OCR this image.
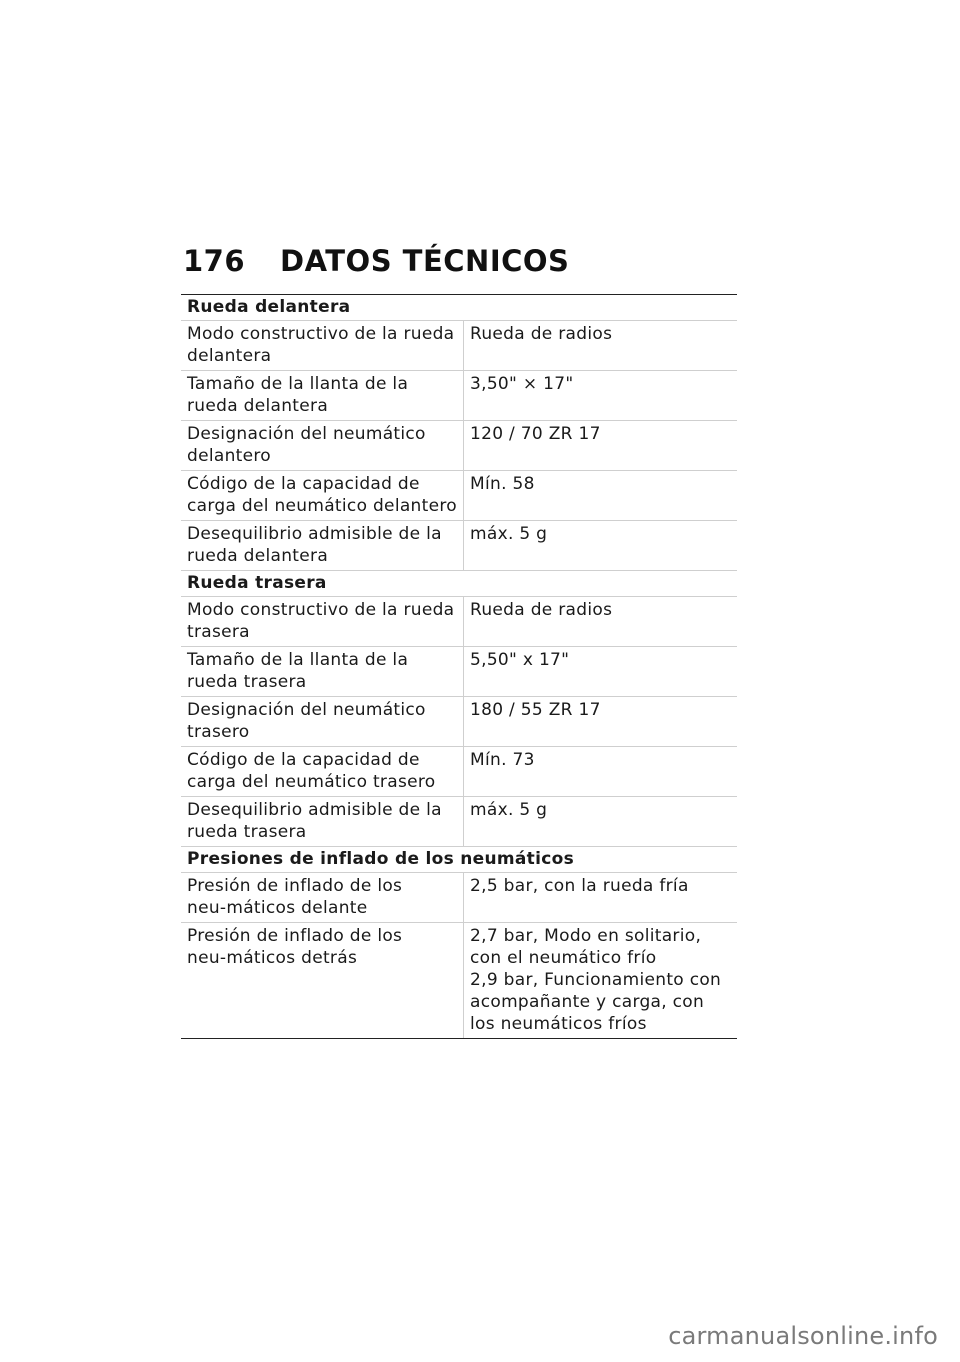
176	DATOS TÉCNICOS
Rueda delantera	
Modo constructivo de la rueda delantera	Rueda de radios
Tamaño de la llanta de la rueda delantera	3,50" × 17"
Designación del neumático delantero	120 / 70 ZR 17
Código de la capacidad de carga del neumático delantero	Mín. 58
Desequilibrio admisible de la rueda delantera	máx. 5 g
Rueda trasera	
Modo constructivo de la rueda trasera	Rueda de radios
Tamaño de la llanta de la rueda trasera	5,50" x 17"
Designación del neumático trasero	180 / 55 ZR 17
Código de la capacidad de carga del neumático trasero	Mín. 73
Desequilibrio admisible de la rueda trasera	máx. 5 g
Presiones de inflado de los neumáticos	
Presión de inflado de los neu‑máticos delante	2,5 bar, con la rueda fría
Presión de inflado de los neu‑máticos detrás	2,7 bar, Modo en solitario, con el neumático frío
2,9 bar, Funcionamiento con acompañante y carga, con los neumáticos fríos
carmanualsonline.info
